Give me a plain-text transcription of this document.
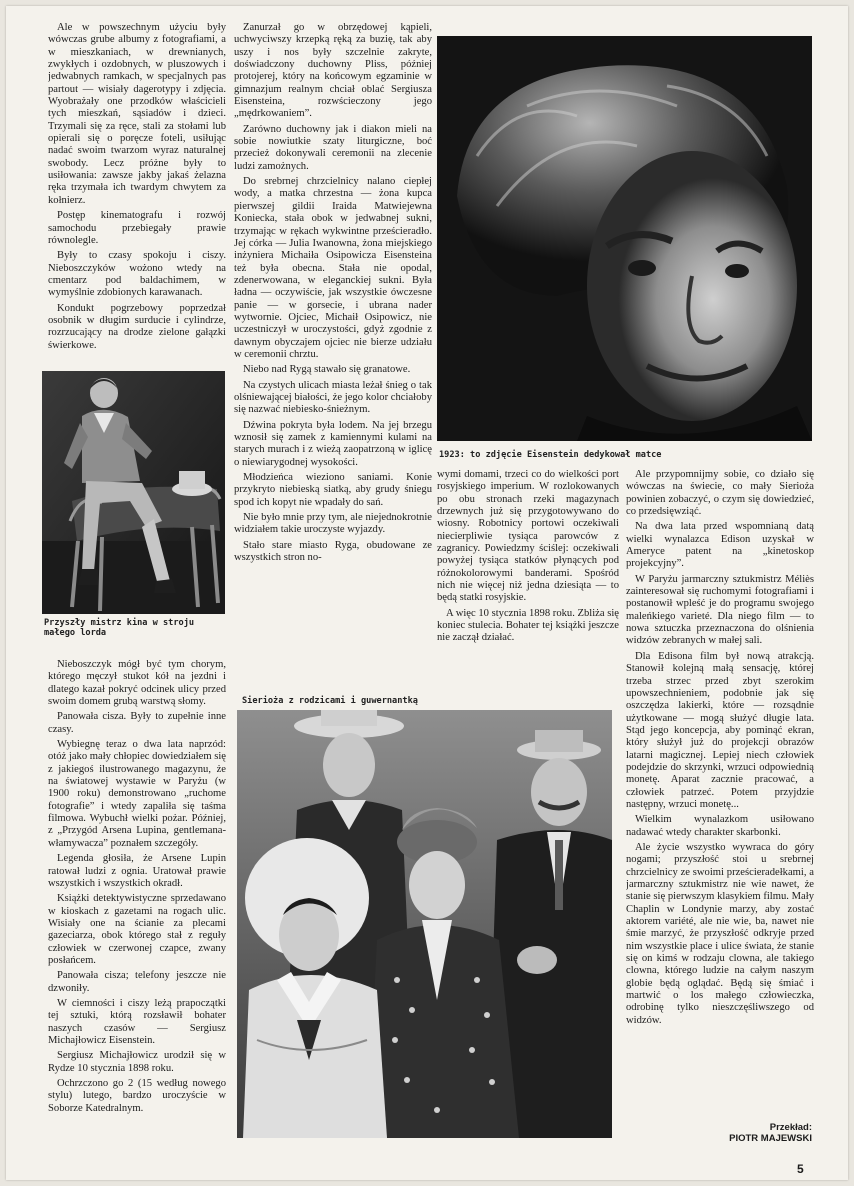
Ale w powszechnym użyciu były wówczas grube albumy z fotografiami, a w mieszkaniach, w drewnianych, zwykłych i ozdobnych, w pluszowych i jedwabnych ramkach, w specjalnych pas partout — wisiały dagerotypy i zdjęcia. Wyobrażały one przodków właścicieli tych mieszkań, sąsiadów i dzieci. Trzymali się za ręce, stali za stołami lub opierali się o poręcze foteli, usiłując nadać swoim twarzom wyraz naturalnej swobody. Lecz próżne były to usiłowania: zawsze jakby jakaś żelazna ręka trzymała ich twardym chwytem za kołnierz.

Postęp kinematografu i rozwój samochodu przebiegały prawie równolegle.

Były to czasy spokoju i ciszy. Nieboszczyków wożono wtedy na cmentarz pod baldachimem, w wymyślnie zdobionych karawanach.

Kondukt pogrzebowy poprzedzał osobnik w długim surducie i cylindrze, rozrzucający na drodze zielone gałązki świerkowe.

Przyszły mistrz kina w stroju małego lorda

Nieboszczyk mógł być tym chorym, którego męczył stukot kół na jezdni i dlatego kazał pokryć odcinek ulicy przed swoim domem grubą warstwą słomy.

Panowała cisza. Były to zupełnie inne czasy.

Wybiegnę teraz o dwa lata naprzód: otóż jako mały chłopiec dowiedziałem się z jakiegoś ilustrowanego magazynu, że na światowej wystawie w Paryżu (w 1900 roku) demonstrowano „ruchome fotografie” i wtedy zapaliła się taśma filmowa. Wybuchł wielki pożar. Później, z „Przygód Arsena Lupina, gentlemana-włamywacza” poznałem szczegóły.

Legenda głosiła, że Arsene Lupin ratował ludzi z ognia. Uratował prawie wszystkich i wszystkich okradł.

Książki detektywistyczne sprzedawano w kioskach z gazetami na rogach ulic. Wisiały one na ścianie za plecami gazeciarza, obok którego stał z reguły człowiek w czerwonej czapce, zwany posłańcem.

Panowała cisza; telefony jeszcze nie dzwoniły.

W ciemności i ciszy leżą prapoczątki tej sztuki, którą rozsławił bohater naszych czasów — Sergiusz Michajłowicz Eisenstein.

Sergiusz Michajłowicz urodził się w Rydze 10 stycznia 1898 roku.

Ochrzczono go 2 (15 według nowego stylu) lutego, bardzo uroczyście w Soborze Katedralnym.

Zanurzał go w obrzędowej kąpieli, uchwyciwszy krzepką ręką za buzię, tak aby uszy i nos były szczelnie zakryte, doświadczony duchowny Pliss, później protojerej, który na końcowym egzaminie w gimnazjum realnym chciał oblać Sergiusza Eisensteina, rozwścieczony jego „mędrkowaniem”.

Zarówno duchowny jak i diakon mieli na sobie nowiutkie szaty liturgiczne, boć przecież dokonywali ceremonii na zlecenie ludzi zamożnych.

Do srebrnej chrzcielnicy nalano ciepłej wody, a matka chrzestna — żona kupca pierwszej gildii Iraida Matwiejewna Koniecka, stała obok w jedwabnej sukni, trzymając w rękach wykwintne prześcieradło. Jej córka — Julia Iwanowna, żona miejskiego inżyniera Michaiła Osipowicza Eisensteina też była obecna. Stała nie opodal, zdenerwowana, w eleganckiej sukni. Była ładna — oczywiście, jak wszystkie ówczesne panie — w gorsecie, i ubrana nader wytwornie. Ojciec, Michaił Osipowicz, nie uczestniczył w uroczystości, gdyż zgodnie z dawnym obyczajem ojciec nie bierze udziału w ceremonii chrztu.

Niebo nad Rygą stawało się granatowe.

Na czystych ulicach miasta leżał śnieg o tak olśniewającej białości, że jego kolor chciałoby się nazwać niebiesko-śnieżnym.

Dźwina pokryta była lodem. Na jej brzegu wznosił się zamek z kamiennymi kulami na starych murach i z wieżą zaopatrzoną w iglicę o niewiarygodnej wysokości.

Młodzieńca wieziono saniami. Konie przykryto niebieską siatką, aby grudy śniegu spod ich kopyt nie wpadały do sań.

Nie było mnie przy tym, ale niejednokrotnie widziałem takie uroczyste wyjazdy.

Stało stare miasto Ryga, obudowane ze wszystkich stron no-

1923: to zdjęcie Eisenstein dedykował matce

wymi domami, trzeci co do wielkości port rosyjskiego imperium. W rozlokowanych po obu stronach rzeki magazynach drzewnych już się przygotowywano do wiosny. Robotnicy portowi oczekiwali niecierpliwie tysiąca parowców z zagranicy. Powiedzmy ściślej: oczekiwali powyżej tysiąca statków płynących pod różnokolorowymi banderami. Spośród nich nie więcej niż jedna dziesiąta — to będą statki rosyjskie.

A więc 10 stycznia 1898 roku. Zbliża się koniec stulecia. Bohater tej książki jeszcze nie zaczął działać.

Ale przypomnijmy sobie, co działo się wówczas na świecie, co mały Sierioża powinien zobaczyć, o czym się dowiedzieć, co przedsięwziąć.

Na dwa lata przed wspomnianą datą wielki wynalazca Edison uzyskał w Ameryce patent na „kinetoskop projekcyjny”.

W Paryżu jarmarczny sztukmistrz Méliès zainteresował się ruchomymi fotografiami i postanowił wpleść je do programu swojego maleńkiego varieté. Dla niego film — to nowa sztuczka przeznaczona do olśnienia widzów zebranych w małej sali.

Dla Edisona film był nową atrakcją. Stanowił kolejną małą sensację, której trzeba strzec przed zbyt szerokim upowszechnieniem, podobnie jak się oszczędza lakierki, które — rozsądnie użytkowane — mogą służyć długie lata. Stąd jego koncepcja, aby pominąć ekran, który służył już do projekcji obrazów latarni magicznej. Lepiej niech człowiek podejdzie do skrzynki, wrzuci odpowiednią monetę. Aparat zacznie pracować, a człowiek patrzeć. Potem przyjdzie następny, wrzuci monetę...

Wielkim wynalazkom usiłowano nadawać wtedy charakter skarbonki.

Ale życie wszystko wywraca do góry nogami; przyszłość stoi u srebrnej chrzcielnicy ze swoimi prześcieradełkami, a jarmarczny sztukmistrz nie wie nawet, że stanie się pierwszym klasykiem filmu. Mały Chaplin w Londynie marzy, aby zostać aktorem variété, ale nie wie, ba, nawet nie śmie marzyć, że przyszłość odkryje przed nim wszystkie place i ulice świata, że stanie się on kimś w rodzaju clowna, ale takiego clowna, którego ludzie na całym naszym globie będą oglądać. Będą się śmiać i martwić o los małego człowieczka, odrobinę tylko nieszczęśliwszego od widzów.

Sierioża z rodzicami i guwernantką
Przekład:
PIOTR MAJEWSKI
5
